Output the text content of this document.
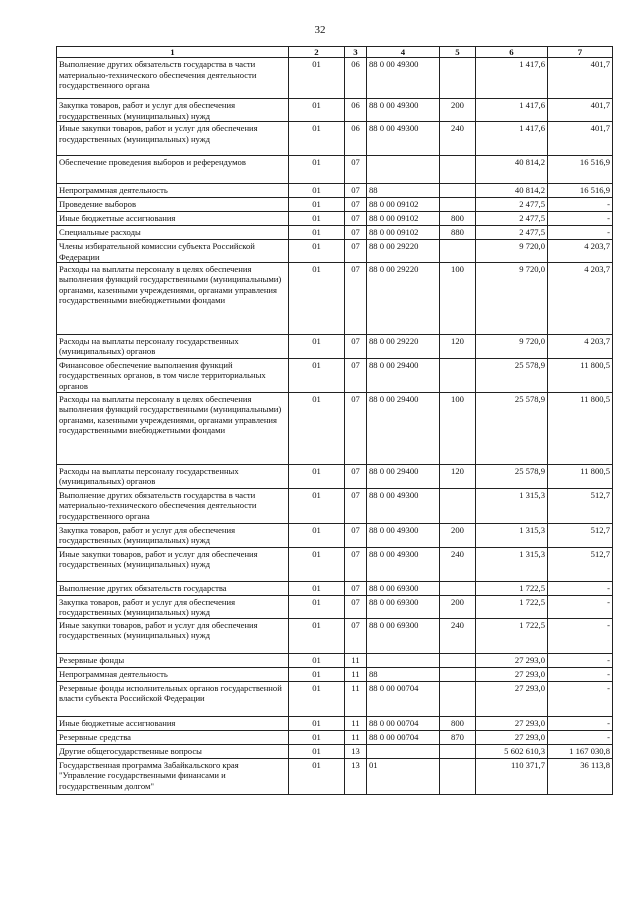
32
1	2	3	4	5	6	7
Выполнение других обязательств государства в части материально-технического обеспечения деятельности государственного органа	01	06	88 0 00 49300		1 417,6	401,7
Закупка товаров, работ и услуг для обеспечения государственных (муниципальных) нужд	01	06	88 0 00 49300	200	1 417,6	401,7
Иные закупки товаров, работ и услуг для обеспечения государственных (муниципальных) нужд	01	06	88 0 00 49300	240	1 417,6	401,7
Обеспечение проведения выборов и референдумов	01	07			40 814,2	16 516,9
Непрограммная деятельность	01	07	88		40 814,2	16 516,9
Проведение выборов	01	07	88 0 00 09102		2 477,5	-
Иные бюджетные ассигнования	01	07	88 0 00 09102	800	2 477,5	-
Специальные расходы	01	07	88 0 00 09102	880	2 477,5	-
Члены избирательной комиссии субъекта Российской Федерации	01	07	88 0 00 29220		9 720,0	4 203,7
Расходы на выплаты персоналу в целях обеспечения выполнения функций государственными (муниципальными) органами, казенными учреждениями, органами управления государственными внебюджетными фондами	01	07	88 0 00 29220	100	9 720,0	4 203,7
Расходы на выплаты персоналу государственных (муниципальных) органов	01	07	88 0 00 29220	120	9 720,0	4 203,7
Финансовое обеспечение выполнения функций государственных органов, в том числе территориальных органов	01	07	88 0 00 29400		25 578,9	11 800,5
Расходы на выплаты персоналу в целях обеспечения выполнения функций государственными (муниципальными) органами, казенными учреждениями, органами управления государственными внебюджетными фондами	01	07	88 0 00 29400	100	25 578,9	11 800,5
Расходы на выплаты персоналу государственных (муниципальных) органов	01	07	88 0 00 29400	120	25 578,9	11 800,5
Выполнение других обязательств государства в части материально-технического обеспечения деятельности государственного органа	01	07	88 0 00 49300		1 315,3	512,7
Закупка товаров, работ и услуг для обеспечения государственных (муниципальных) нужд	01	07	88 0 00 49300	200	1 315,3	512,7
Иные закупки товаров, работ и услуг для обеспечения государственных (муниципальных) нужд	01	07	88 0 00 49300	240	1 315,3	512,7
Выполнение других обязательств государства	01	07	88 0 00 69300		1 722,5	-
Закупка товаров, работ и услуг для обеспечения государственных (муниципальных) нужд	01	07	88 0 00 69300	200	1 722,5	-
Иные закупки товаров, работ и услуг для обеспечения государственных (муниципальных) нужд	01	07	88 0 00 69300	240	1 722,5	-
Резервные фонды	01	11			27 293,0	-
Непрограммная деятельность	01	11	88		27 293,0	-
Резервные фонды исполнительных органов государственной власти субъекта Российской Федерации	01	11	88 0 00 00704		27 293,0	-
Иные бюджетные ассигнования	01	11	88 0 00 00704	800	27 293,0	-
Резервные средства	01	11	88 0 00 00704	870	27 293,0	-
Другие общегосударственные вопросы	01	13			5 602 610,3	1 167 030,8
Государственная программа Забайкальского края "Управление государственными финансами и государственным долгом"	01	13	01		110 371,7	36 113,8
